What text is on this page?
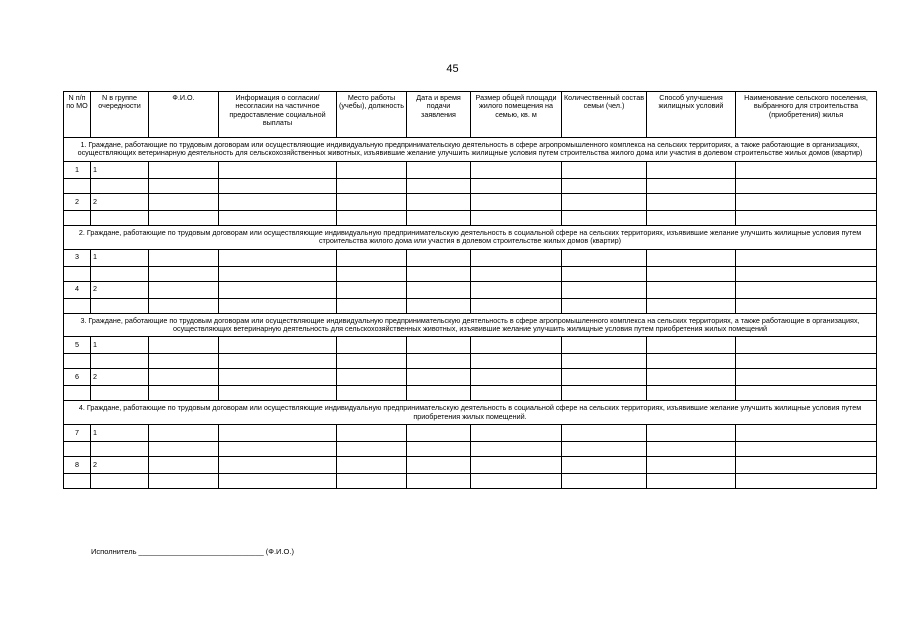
45
N п/п по МО	N в группе очередности	Ф.И.О.	Информация о согласии/несогласии на частичное предоставление социальной выплаты	Место работы (учебы), должность	Дата и время подачи заявления	Размер общей площади жилого помещения на семью, кв. м	Количественный состав семьи (чел.)	Способ улучшения жилищных условий	Наименование сельского поселения, выбранного для строительства (приобретения) жилья
1. Граждане, работающие по трудовым договорам или осуществляющие индивидуальную предпринимательскую деятельность в сфере агропромышленного комплекса на сельских территориях, а также работающие в организациях, осуществляющих ветеринарную деятельность для сельскохозяйственных животных, изъявившие желание улучшить жилищные условия путем строительства жилого дома или участия в долевом строительстве жилых домов (квартир)									
1	1								

2	2								

2. Граждане, работающие по трудовым договорам или осуществляющие индивидуальную предпринимательскую деятельность в социальной сфере на сельских территориях, изъявившие желание улучшить жилищные условия путем строительства жилого дома или участия в долевом строительстве жилых домов (квартир)									
3	1								

4	2								

3. Граждане, работающие по трудовым договорам или осуществляющие индивидуальную предпринимательскую деятельность в сфере агропромышленного комплекса на сельских территориях, а также работающие в организациях, осуществляющих ветеринарную деятельность для сельскохозяйственных животных, изъявившие желание улучшить жилищные условия путем приобретения жилых помещений									
5	1								

6	2								

4. Граждане, работающие по трудовым договорам или осуществляющие индивидуальную предпринимательскую деятельность в социальной сфере на сельских территориях, изъявившие желание улучшить жилищные условия путем приобретения жилых помещений.									
7	1								

8	2								

Исполнитель ______________________________ (Ф.И.О.)
